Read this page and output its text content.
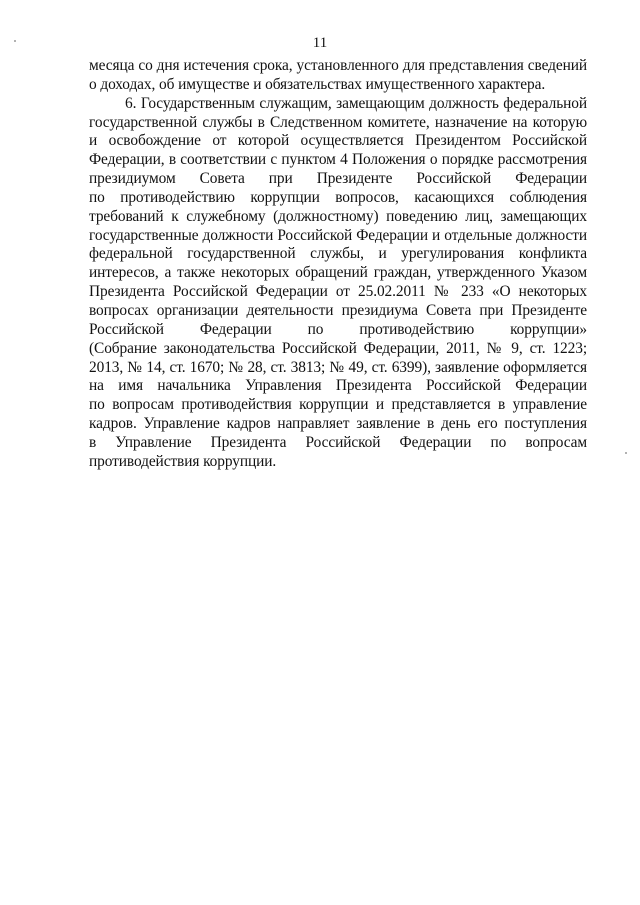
11
месяца со дня истечения срока, установленного для представления сведений
о доходах, об имуществе и обязательствах имущественного характера.
6. Государственным служащим, замещающим должность федеральной
государственной службы в Следственном комитете, назначение на которую
и освобождение от которой осуществляется Президентом Российской
Федерации, в соответствии с пунктом 4 Положения о порядке рассмотрения
президиумом Совета при Президенте Российской Федерации
по противодействию коррупции вопросов, касающихся соблюдения
требований к служебному (должностному) поведению лиц, замещающих
государственные должности Российской Федерации и отдельные должности
федеральной государственной службы, и урегулирования конфликта
интересов, а также некоторых обращений граждан, утвержденного Указом
Президента Российской Федерации от 25.02.2011 № 233 «О некоторых
вопросах организации деятельности президиума Совета при Президенте
Российской Федерации по противодействию коррупции»
(Собрание законодательства Российской Федерации, 2011, № 9, ст. 1223;
2013, № 14, ст. 1670; № 28, ст. 3813; № 49, ст. 6399), заявление оформляется
на имя начальника Управления Президента Российской Федерации
по вопросам противодействия коррупции и представляется в управление
кадров. Управление кадров направляет заявление в день его поступления
в Управление Президента Российской Федерации по вопросам
противодействия коррупции.
